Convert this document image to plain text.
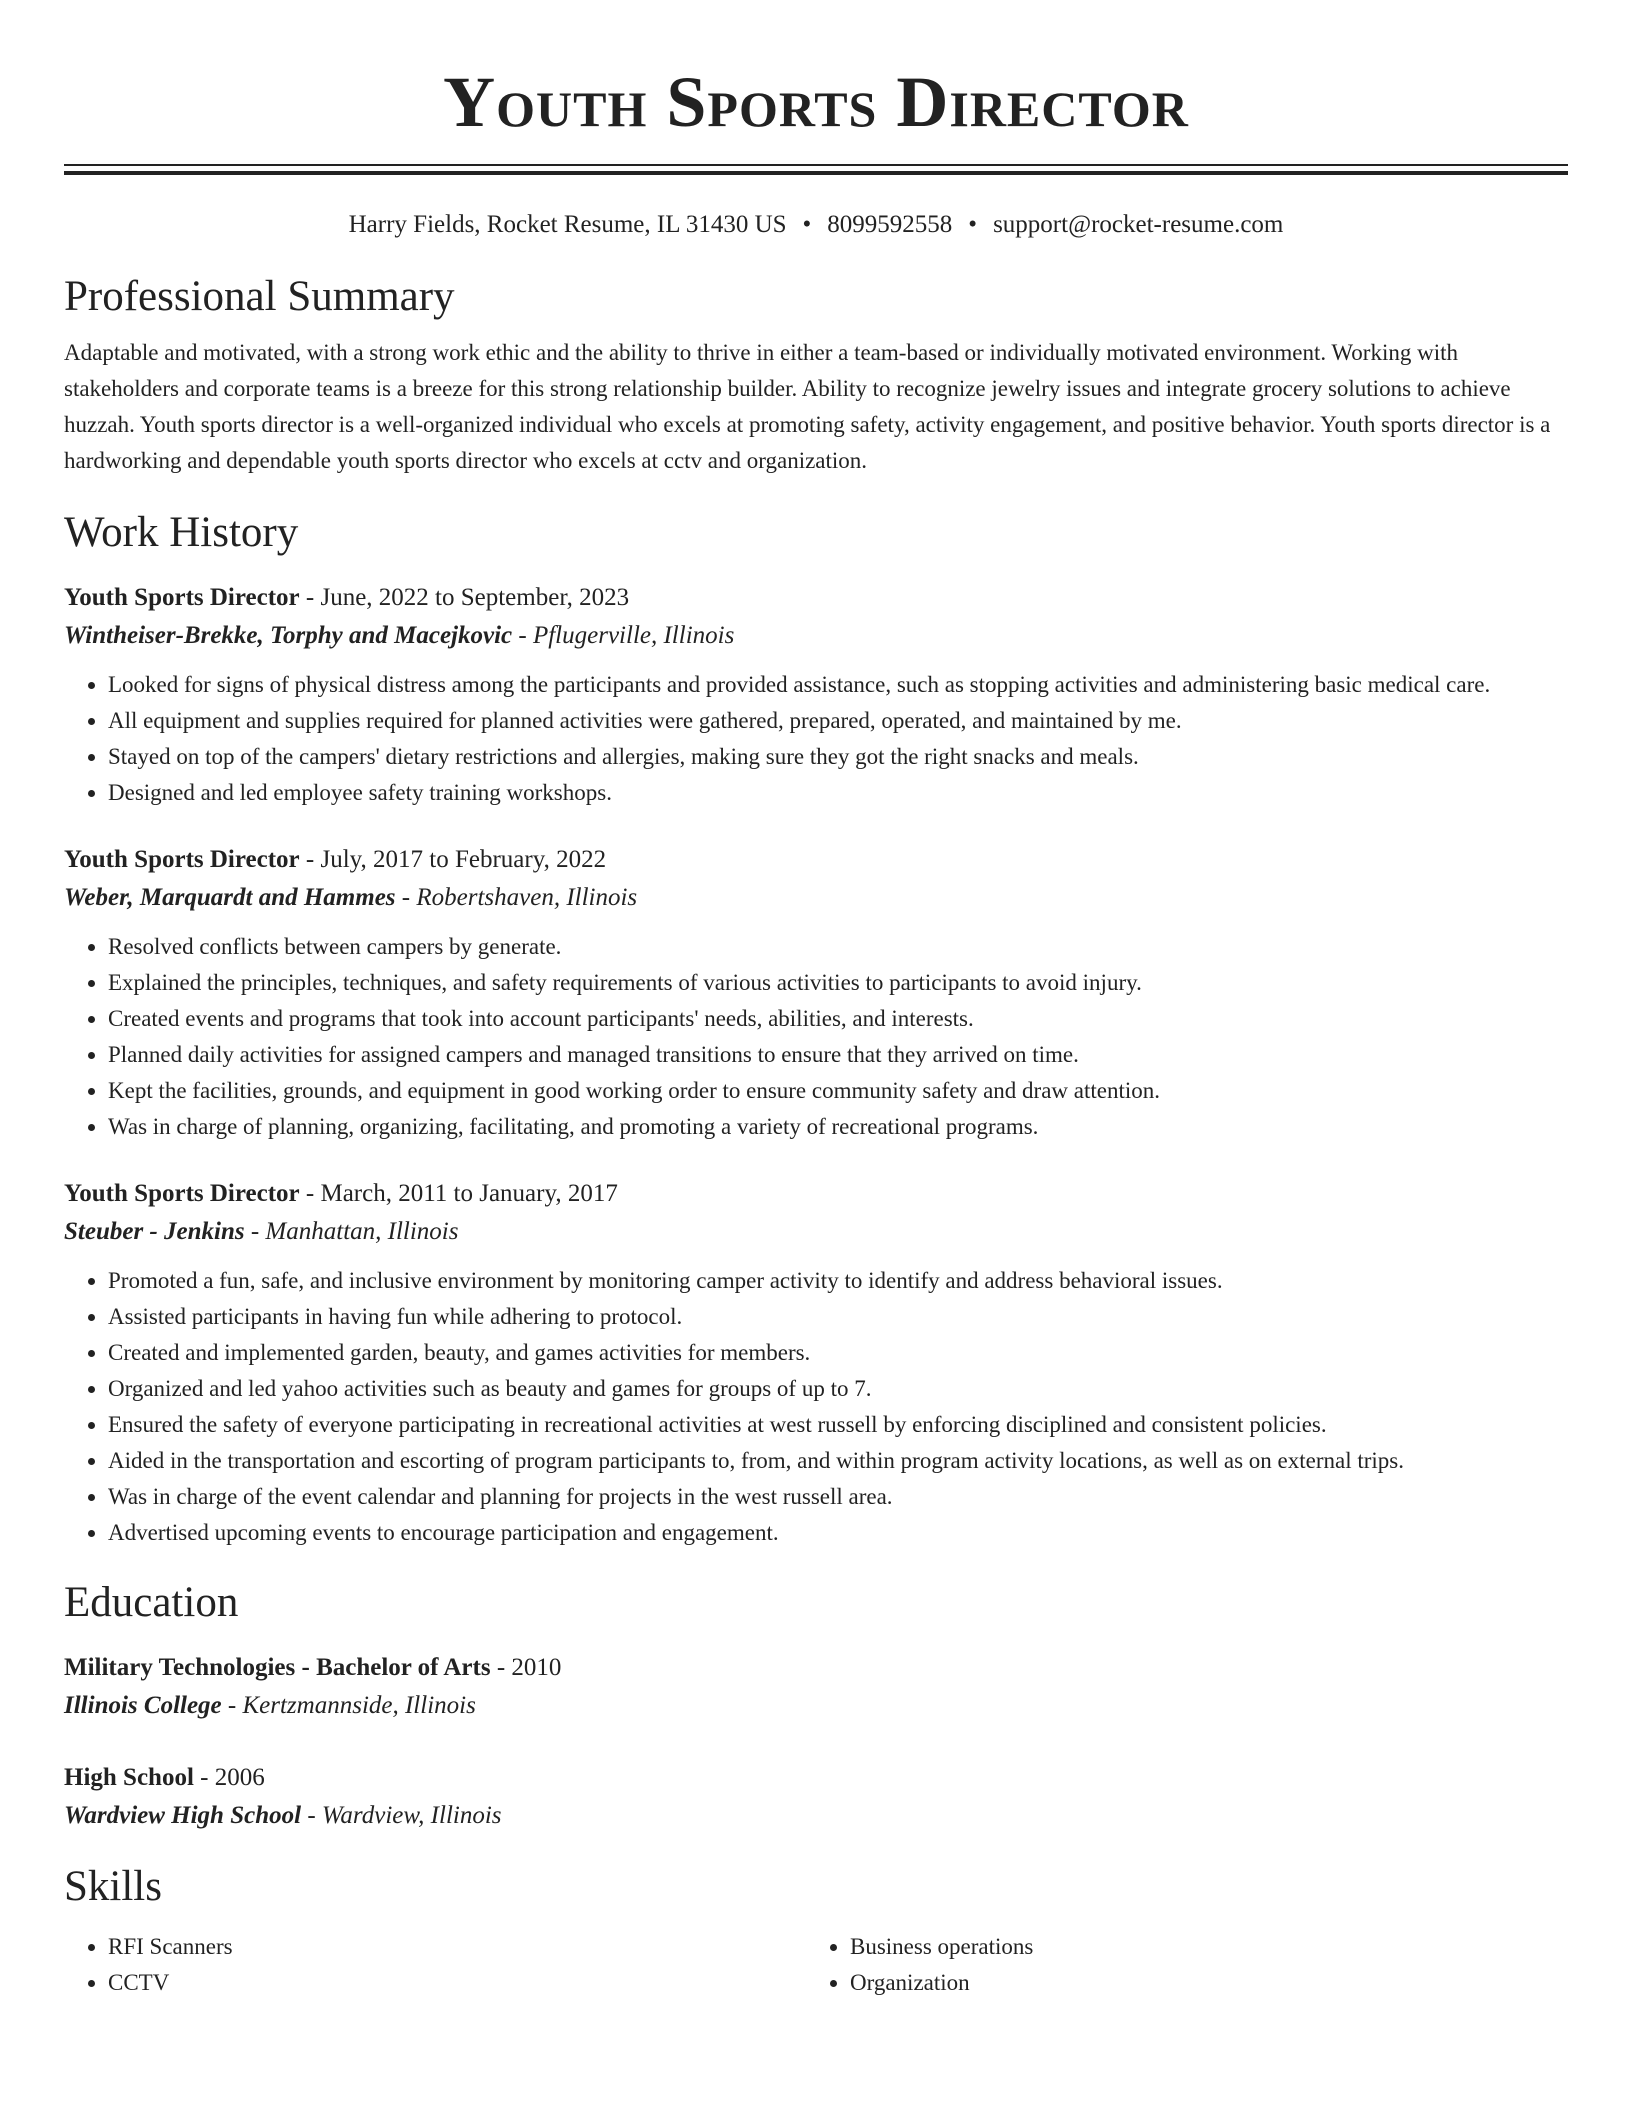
Youth Sports Director
Harry Fields, Rocket Resume, IL 31430 US • 8099592558 • support@rocket-resume.com
Professional Summary

Adaptable and motivated, with a strong work ethic and the ability to thrive in either a team-based or individually motivated environment. Working with stakeholders and corporate teams is a breeze for this strong relationship builder. Ability to recognize jewelry issues and integrate grocery solutions to achieve huzzah. Youth sports director is a well-organized individual who excels at promoting safety, activity engagement, and positive behavior. Youth sports director is a hardworking and dependable youth sports director who excels at cctv and organization.

Work History
Youth Sports Director - June, 2022 to September, 2023
Wintheiser-Brekke, Torphy and Macejkovic - Pflugerville, Illinois
• Looked for signs of physical distress among the participants and provided assistance, such as stopping activities and administering basic medical care.
• All equipment and supplies required for planned activities were gathered, prepared, operated, and maintained by me.
• Stayed on top of the campers' dietary restrictions and allergies, making sure they got the right snacks and meals.
• Designed and led employee safety training workshops.
Youth Sports Director - July, 2017 to February, 2022
Weber, Marquardt and Hammes - Robertshaven, Illinois
• Resolved conflicts between campers by generate.
• Explained the principles, techniques, and safety requirements of various activities to participants to avoid injury.
• Created events and programs that took into account participants' needs, abilities, and interests.
• Planned daily activities for assigned campers and managed transitions to ensure that they arrived on time.
• Kept the facilities, grounds, and equipment in good working order to ensure community safety and draw attention.
• Was in charge of planning, organizing, facilitating, and promoting a variety of recreational programs.
Youth Sports Director - March, 2011 to January, 2017
Steuber - Jenkins - Manhattan, Illinois
• Promoted a fun, safe, and inclusive environment by monitoring camper activity to identify and address behavioral issues.
• Assisted participants in having fun while adhering to protocol.
• Created and implemented garden, beauty, and games activities for members.
• Organized and led yahoo activities such as beauty and games for groups of up to 7.
• Ensured the safety of everyone participating in recreational activities at west russell by enforcing disciplined and consistent policies.
• Aided in the transportation and escorting of program participants to, from, and within program activity locations, as well as on external trips.
• Was in charge of the event calendar and planning for projects in the west russell area.
• Advertised upcoming events to encourage participation and engagement.
Education
Military Technologies - Bachelor of Arts - 2010
Illinois College - Kertzmannside, Illinois
High School - 2006
Wardview High School - Wardview, Illinois
Skills
• RFI Scanners
• CCTV
• Business operations
• Organization
